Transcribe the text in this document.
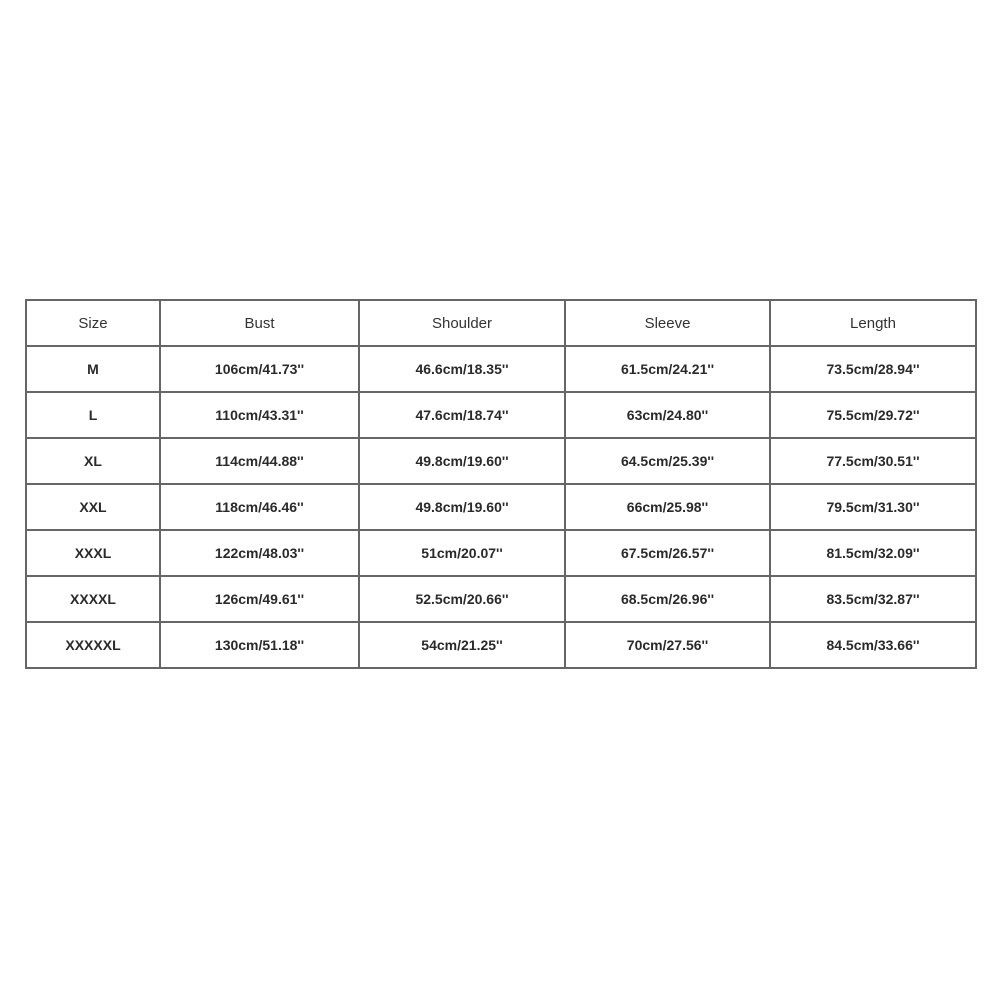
Size	Bust	Shoulder	Sleeve	Length
M	106cm/41.73''	46.6cm/18.35''	61.5cm/24.21''	73.5cm/28.94''
L	110cm/43.31''	47.6cm/18.74''	63cm/24.80''	75.5cm/29.72''
XL	114cm/44.88''	49.8cm/19.60''	64.5cm/25.39''	77.5cm/30.51''
XXL	118cm/46.46''	49.8cm/19.60''	66cm/25.98''	79.5cm/31.30''
XXXL	122cm/48.03''	51cm/20.07''	67.5cm/26.57''	81.5cm/32.09''
XXXXL	126cm/49.61''	52.5cm/20.66''	68.5cm/26.96''	83.5cm/32.87''
XXXXXL	130cm/51.18''	54cm/21.25''	70cm/27.56''	84.5cm/33.66''
